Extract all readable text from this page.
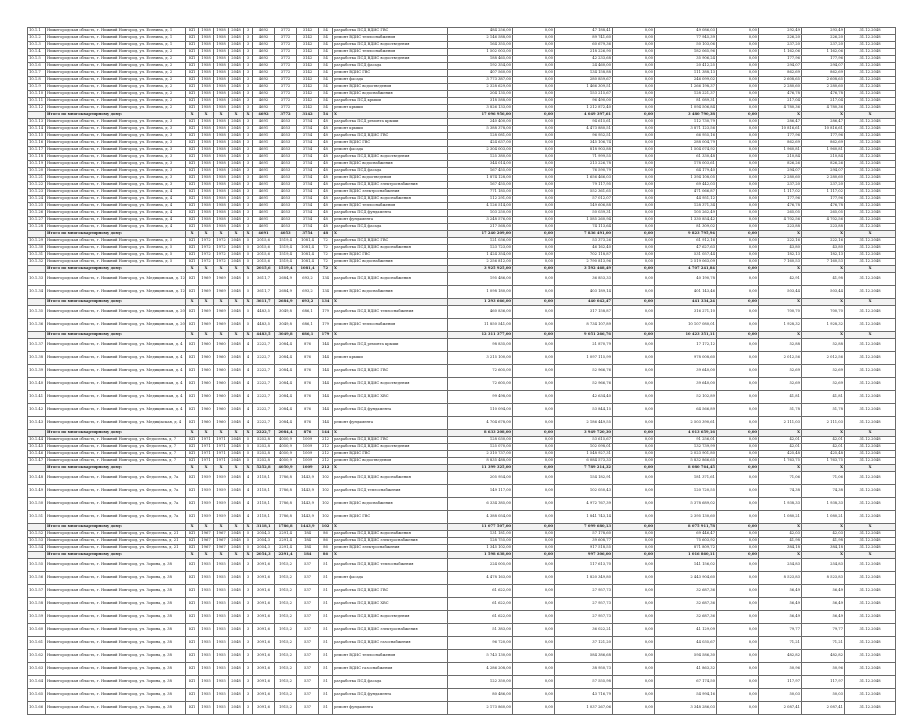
10.1.1	Нижегородская область, г. Нижний Новгород, ул. Есенина, д. 1	КП	1958	1958	2048	3	4692	3772	3142	54	разработка ПСД ВДИС ГВС	484 256,00	0,00	47 188,41	0,00	49 086,03	0,00	292,49	293,49	31.12.2048
10.1.2	Нижегородская область, г. Нижний Новгород, ул. Есенина, д. 1	КП	1958	1958	2048	3	4692	3772	3142	54	ремонт ВДИС теплоснабжения	2 146 588,00	0,00	89 741,60	0,00	77 945,39	0,00	226,20	226,20	31.12.2048
10.1.3	Нижегородская область, г. Нижний Новгород, ул. Есенина, д. 1	КП	1958	1958	2048	3	4692	3772	3142	54	разработка ПСД ВДИС водоотведения	164 355,00	0,00	60 679,36	0,00	50 103,06	0,00	237,20	237,20	31.12.2048
10.1.4	Нижегородская область, г. Нижний Новгород, ул. Есенина, д. 2	КП	1958	1958	2048	3	4692	3772	3142	54	ремонт ВДИС теплоснабжения	1 502 003,00	0,00	218 226,90	0,00	182 065,96	0,00	1 162,06	1 162,06	31.12.2048
10.1.5	Нижегородская область, г. Нижний Новгород, ул. Есенина, д. 2	КП	1958	1958	2048	3	4692	3772	3142	54	разработка ПСД ВДИС водоотведения	188 465,00	0,00	42 233,68	0,00	35 906,24	0,00	177,96	177,96	31.12.2048
10.1.6	Нижегородская область, г. Нижний Новгород, ул. Есенина, д. 2	КП	1958	1958	2048	3	4692	3772	3142	54	разработка ПСД фасада	192 354,00	0,00	24 460,00	0,00	20 412,25	0,00	294,07	294,07	31.12.2048
10.1.7	Нижегородская область, г. Нижний Новгород, ул. Есенина, д. 2	КП	1958	1958	2048	3	4692	3772	3142	54	ремонт ВДИС ГВС	407 560,00	0,00	134 158,88	0,00	111 388,13	0,00	862,69	862,69	31.12.2048
10.1.8	Нижегородская область, г. Нижний Новгород, ул. Есенина, д. 2	КП	1958	1958	2048	3	4692	3772	3142	54	ремонт фасада	3 773 387,00	0,00	280 859,67	0,00	246 099,02	0,00	2 608,65	2 608,65	31.12.2048
10.1.9	Нижегородская область, г. Нижний Новгород, ул. Есенина, д. 2	КП	1958	1958	2048	3	4692	3772	3142	54	ремонт ВДИС водоотведения	2 328 629,00	0,00	1 466 309,51	0,00	1 266 198,37	0,00	2 280,60	2 280,60	31.12.2048
10.1.10	Нижегородская область, г. Нижний Новгород, ул. Есенина, д. 2	КП	1958	1958	2048	3	4692	3772	3142	54	ремонт ВДИС водоснабжения	204 135,00	0,00	153 215,67	0,00	128 221,37	0,00	476,78	476,78	31.12.2048
10.1.11	Нижегородская область, г. Нижний Новгород, ул. Есенина, д. 2	КП	1958	1958	2048	3	4692	3772	3142	54	разработка ПСД крыши	318 588,00	0,00	96 490,00	0,00	81 089,31	0,00	217,04	217,04	31.12.2048
10.1.12	Нижегородская область, г. Нижний Новгород, ул. Есенина, д. 2	КП	1958	1958	2048	3	4692	3772	3142	54	ремонт крыши	3 826 133,00	0,00	1 212 872,40	0,00	1 094 506,84	0,00	4 780,36	4 780,36	31.12.2048
	Итого по многоквартирному дому:	Х	Х	Х	Х	Х	4692	3772	3142	54	Х	17 096 956,00	0,00	4 049 397,61	0,00	3 480 790,38	0,00	Х	Х	Х
10.1.13	Нижегородская область, г. Нижний Новгород, ул. Есенина, д. 3	КП	1958	1958	2048	3	4691	4053	3754	48	разработка ПСД ремонта крыши	240 400,00	0,00	94 615,61	0,00	112 730,79	0,00	286,47	286,47	31.12.2048
10.1.14	Нижегородская область, г. Нижний Новгород, ул. Есенина, д. 3	КП	1958	1958	2048	3	4691	4053	3754	48	ремонт крыши	5 388 378,00	0,00	4 473 880,51	0,00	3 871 123,56	0,00	10 816,61	10 816,61	31.12.2048
10.1.15	Нижегородская область, г. Нижний Новгород, ул. Есенина, д. 3	КП	1958	1958	2048	3	4691	4053	3754	48	разработка ПСД ВДИС ГВС	128 081,00	0,00	96 952,51	0,00	66 955,16	0,00	177,96	177,96	31.12.2048
10.1.16	Нижегородская область, г. Нижний Новгород, ул. Есенина, д. 3	КП	1958	1958	2048	3	4691	4053	3754	48	ремонт ВДИС ГВС	424 637,00	0,00	345 106,74	0,00	288 004,79	0,00	862,69	862,69	31.12.2048
10.1.17	Нижегородская область, г. Нижний Новгород, ул. Есенина, д. 3	КП	1958	1958	2048	3	4691	4053	3754	48	ремонт фасада	2 304 003,00	0,00	818 903,88	0,00	1 504 074,92	0,00	1 960,81	1 960,81	31.12.2048
10.1.18	Нижегородская область, г. Нижний Новгород, ул. Есенина, д. 3	КП	1958	1958	2048	3	4691	4053	3754	48	разработка ПСД ВДИС водоотведения	125 380,00	0,00	71 999,55	0,00	61 330,48	0,00	210,84	210,84	31.12.2048
10.1.19	Нижегородская область, г. Нижний Новгород, ул. Есенина, д. 3	КП	1958	1958	2048	3	4691	4053	3754	48	ремонт ВДИС водоснабжения	344 014,00	0,00	213 226,78	0,00	178 003,61	0,00	826,26	826,26	31.12.2048
10.1.20	Нижегородская область, г. Нижний Новгород, ул. Есенина, д. 3	КП	1958	1958	2048	3	4691	4053	3754	48	разработка ПСД фасада	167 455,00	0,00	76 590,79	0,00	64 179,40	0,00	294,07	294,07	31.12.2048
10.1.21	Нижегородская область, г. Нижний Новгород, ул. Есенина, д. 3	КП	1958	1958	2048	3	4691	4053	3754	48	ремонт ВДИС водоотведения	1 874 128,00	0,00	1 656 466,03	0,00	1 394 108,05	0,00	2 280,60	2 280,60	31.12.2048
10.1.22	Нижегородская область, г. Нижний Новгород, ул. Есенина, д. 3	КП	1958	1958	2048	3	4691	4053	3754	48	разработка ПСД ВДИС электроснабжения	167 455,00	0,00	79 117,95	0,00	69 442,03	0,00	237,20	237,20	31.12.2048
10.1.23	Нижегородская область, г. Нижний Новгород, ул. Есенина, д. 4	КП	1958	1958	2048	3	4691	4053	3754	48	ремонт ВДИС электроснабжения	771 185,00	0,00	552 361,65	0,00	471 066,87	0,00	1 117,02	1 117,02	31.12.2048
10.1.24	Нижегородская область, г. Нижний Новгород, ул. Есенина, д. 4	КП	1958	1958	2048	3	4691	4053	3754	48	разработка ПСД ВДИС водоснабжения	112 291,00	0,00	57 012,07	0,00	44 951,12	0,00	177,96	177,96	31.12.2048
10.1.25	Нижегородская область, г. Нижний Новгород, ул. Есенина, д. 4	КП	1958	1958	2048	3	4691	4053	3754	48	ремонт ВДИС теплоснабжения	4 126 514,00	0,00	149 606,88	0,00	128 371,34	0,00	476,78	476,78	31.12.2048
10.1.26	Нижегородская область, г. Нижний Новгород, ул. Есенина, д. 4	КП	1958	1958	2048	3	4691	4053	3754	48	разработка ПСД фундамента	103 250,00	0,00	50 039,31	0,00	105 262,49	0,00	265,05	265,05	31.12.2048
10.1.27	Нижегородская область, г. Нижний Новгород, ул. Есенина, д. 4	КП	1958	1958	2048	3	4691	4053	3754	48	ремонт фундамента	3 248 576,00	0,00	1 585 260,94	0,00	1 330 854,42	0,00	4 702,56	4 702,56	31.12.2048
10.1.28	Нижегородская область, г. Нижний Новгород, ул. Есенина, д. 4	КП	1958	1958	2048	3	4691	4053	3754	48	разработка ПСД фасада	217 568,00	0,00	74 113,64	0,00	81 309,02	0,00	223,88	223,88	31.12.2048
	Итого по многоквартирному дому:	Х	Х	Х	Х	Х	4691	4053	3754	48	Х	17 240 209,00	0,00	7 836 491,00	0,00	9 823 795,94	0,00	Х	Х	Х
10.1.29	Нижегородская область, г. Нижний Новгород, ул. Есенина, д. 5	КП	1972	1972	2048	5	2015,6	1519,4	1081,4	72	разработка ПСД ВДИС ГВС	121 036,00	0,00	53 373,26	0,00	61 912,16	0,00	222,16	222,16	31.12.2048
10.1.30	Нижегородская область, г. Нижний Новгород, ул. Есенина, д. 5	КП	1972	1972	2048	5	2015,6	1519,4	1081,4	72	разработка ПСД ВДИС водоснабжения	123 723,00	0,00	46 162,40	0,00	47 627,63	0,00	43,80	43,80	31.12.2048
10.1.31	Нижегородская область, г. Нижний Новгород, ул. Есенина, д. 5	КП	1972	1972	2048	5	2015,6	1519,4	1081,4	72	ремонт ВДИС ГВС	1 424 354,00	0,00	702 118,87	0,00	531 057,44	0,00	182,13	182,13	31.12.2048
10.1.32	Нижегородская область, г. Нижний Новгород, ул. Есенина, д. 5	КП	1972	1972	2048	5	2015,6	1519,4	1081,4	72	ремонт ВДИС водоснабжения	2 256 812,00	0,00	2 790 813,96	0,00	2 519 063,09	0,00	7 160,53	7 160,53	31.12.2048
	Итого по многоквартирному дому:	Х	Х	Х	Х	Х	2015,6	1519,4	1081,4	72	Х	3 925 925,00	0,00	3 592 468,49	0,00	4 707 241,84	0,00	Х	Х	Х
10.1.33	Нижегородская область, г. Нижний Новгород, ул. Медицинская, д. 12	КП	1969	1969	2048	5	3611,7	2684,9	693,2	134	разработка ПСД ВДИС водоснабжения	195 486,00	0,00	36 853,33	0,00	40 190,78	0,00	42,91	41,98	31.12.2048
10.1.34	Нижегородская область, г. Нижний Новгород, ул. Медицинская, д. 12	КП	1969	1969	2048	5	3611,7	2684,9	693,2	134	ремонт ВДИС водоснабжения	1 098 180,00	0,00	403 189,14	0,00	401 143,46	0,00	503,44	503,44	31.12.2048
	Итого по многоквартирному дому:	Х	Х	Х	Х	Х	3611,7	2684,9	693,2	134	Х	1 293 666,00	0,00	440 042,47	0,00	441 334,24	0,00	Х	Х	Х
10.1.35	Нижегородская область, г. Нижний Новгород, ул. Медицинская, д. 20	КП	1969	1969	2048	5	4483,5	3049,8	686,1	179	разработка ПСД ВДИС теплоснабжения	460 836,00	0,00	317 158,87	0,00	316 271,10	0,00	700,70	700,70	31.12.2048
10.1.36	Нижегородская область, г. Нижний Новгород, ул. Медицинская, д. 20	КП	1969	1969	2048	5	4483,5	3049,8	686,1	179	ремонт ВДИС теплоснабжения	11 850 541,00	0,00	8 734 107,89	0,00	10 107 080,01	0,00	1 928,32	1 928,32	31.12.2048
	Итого по многоквартирному дому:	Х	Х	Х	Х	Х	4483,5	3049,8	686,1	179	Х	12 311 377,00	0,00	9 051 266,76	0,00	10 423 351,11	0,00	Х	Х	Х
10.1.37	Нижегородская область, г. Нижний Новгород, ул. Медицинская, д. 4	КП	1960	1960	2048	4	2222,7	2084,4	876	144	разработка ПСД ремонта крыши	98 835,00	0,00	21 870,79	0,00	17 172,12	0,00	52,88	52,88	31.12.2048
10.1.38	Нижегородская область, г. Нижний Новгород, ул. Медицинская, д. 4	КП	1960	1960	2048	4	2222,7	2084,4	876	144	ремонт крыши	3 215 100,00	0,00	1 097 115,99	0,00	978 008,60	0,00	2 012,56	2 012,56	31.12.2048
10.1.39	Нижегородская область, г. Нижний Новгород, ул. Медицинская, д. 4	КП	1960	1960	2048	4	2222,7	2084,4	876	144	разработка ПСД ВДИС ГВС	72 605,00	0,00	52 966,76	0,00	39 640,00	0,00	52,69	52,69	31.12.2048
10.1.40	Нижегородская область, г. Нижний Новгород, ул. Медицинская, д. 4	КП	1960	1960	2048	4	2222,7	2084,4	876	144	разработка ПСД ВДИС водоотведения	72 605,00	0,00	52 966,76	0,00	39 640,00	0,00	52,69	52,69	31.12.2048
10.1.41	Нижегородская область, г. Нижний Новгород, ул. Медицинская, д. 4	КП	1960	1960	2048	4	2222,7	2084,4	876	144	разработка ПСД ВДИС ХВС	99 498,00	0,00	42 634,40	0,00	52 102,89	0,00	41,81	41,81	31.12.2048
10.1.42	Нижегородская область, г. Нижний Новгород, ул. Медицинская, д. 4	КП	1960	1960	2048	4	2222,7	2084,4	876	144	разработка ПСД фундамента	110 094,00	0,00	53 844,15	0,00	64 566,89	0,00	51,78	51,78	31.12.2048
10.1.43	Нижегородская область, г. Нижний Новгород, ул. Медицinская, д. 4	КП	1960	1960	2048	4	2222,7	2084,4	876	144	ремонт фундамента	4 704 678,00	0,00	2 186 449,55	0,00	2 503 390,61	0,00	2 111,03	2 111,03	31.12.2048
	Итого по многоквартирному дому:	Х	Х	Х	Х	Х	2222,7	2084,4	876	144	Х	8 633 208,00	0,00	3 949 720,30	0,00	4 013 659,16	0,00	Х	Х	Х
10.1.44	Нижегородская область, г. Нижний Новгород, ул. Федосеева, д. 7	КП	1971	1971	2048	5	5252,8	4050,9	1009	212	разработка ПСД ВДИС ГВС	128 030,00	0,00	53 615,67	0,00	91 256,01	0,00	42,01	42,01	31.12.2048
10.1.45	Нижегородская область, г. Нижний Новгород, ул. Федосеева, д. 7	КП	1971	1971	2048	5	5252,8	4050,9	1009	212	разработка ПСД ВДИС водоотведения	125 070,00	0,00	102 098,01	0,00	132 739,99	0,00	42,01	42,01	31.12.2048
10.1.46	Нижегородская область, г. Нижний Новгород, ул. Федосеева, д. 7	КП	1971	1971	2048	5	5252,8	4050,9	1009	212	ремонт ВДИС ГВС	2 310 737,00	0,00	1 548 927,31	0,00	2 023 901,80	0,00	425,48	425,48	31.12.2048
10.1.47	Нижегородская область, г. Нижний Новгород, ул. Федосеева, д. 7	КП	1971	1971	2048	5	5252,8	4050,9	1009	212	ремонт ВДИС водоотведения	8 835 488,00	0,00	6 084 573,33	0,00	5 832 866,65	0,00	1 763,75	1 763,75	31.12.2048
	Итого по многоквартирному дому:	Х	Х	Х	Х	Х	5252,8	4050,9	1009	212	Х	11 399 325,00	0,00	7 789 214,32	0,00	8 080 764,45	0,00	Х	Х	Х
10.1.48	Нижегородская область, г. Нижний Новгород, ул. Федосеева, д. 7а	КП	1959	1959	2048	4	3118,1	1786,8	1443,9	102	разработка ПСД ВДИС водоснабжения	205 954,00	0,00	154 182,91	0,00	181 371,61	0,00	71,06	71,06	31.12.2048
10.1.49	Нижегородская область, г. Нижний Новгород, ул. Федосеева, д. 7а	КП	1959	1959	2048	4	3118,1	1786,8	1443,9	102	разработка ПСД теплоснабжения	149 117,00	0,00	102 050,43	0,00	120 720,55	0,00	74,38	74,38	31.12.2048
10.1.50	Нижегородская область, г. Нижний Новгород, ул. Федосеева, д. 7а	КП	1959	1959	2048	4	3118,1	1786,8	1443,9	102	ремонт ВДИС водоснабжения	6 334 385,00	0,00	4 972 767,39	0,00	5 378 689,02	0,00	1 938,33	1 938,33	31.12.2048
10.1.51	Нижегородская область, г. Нижний Новгород, ул. Федосеева, д. 7а	КП	1959	1959	2048	4	3118,1	1786,8	1443,9	102	ремонт ВДИС ГВС	4 388 054,00	0,00	1 841 743,14	0,00	2 395 130,60	0,00	1 080,21	1 080,21	31.12.2048
	Итого по многоквартирному дому:	Х	Х	Х	Х	Х	3118,1	1786,8	1443,9	102	Х	11 077 507,00	0,00	7 099 680,13	0,00	8 075 911,78	0,00	Х	Х	Х
10.1.52	Нижегородская область, г. Нижний Новгород, ул. Федосеева, д. 21	КП	1967	1967	2048	5	2054,3	2291,4	184	86	разработка ПСД ВДИС водоснабжения	131 181,00	0,00	57 178,60	0,00	69 446,47	0,00	42,03	42,03	31.12.2048
10.1.53	Нижегородская область, г. Нижний Новгород, ул. Федосеева, д. 21	КП	1967	1967	2048	5	2054,3	2291,4	184	86	разработка ПСД ВДИС электроснабжения	128 755,00	0,00	39 608,77	0,00	75 603,92	0,00	41,98	41,98	31.12.2048
10.1.54	Нижегородская область, г. Нижний Новгород, ул. Федосеева, д. 21	КП	1967	1967	2048	5	2054,3	2291,4	184	86	ремонт ВДИС электроснабжения	1 345 102,00	0,00	917 518,55	0,00	871 809,72	0,00	384,18	384,18	31.12.2048
	Итого по многоквартирному дому:	Х	Х	Х	Х	Х	2054,3	2291,4	184	86	Х	1 598 638,00	0,00	997 306,00	0,00	1 016 860,11	0,00	Х	Х	Х
10.1.55	Нижегородская область, г. Нижний Новгород, ул. Зорина, д. 38	КП	1955	1955	2048	3	3091,6	1915,2	537	51	разработка ПСД ВДИС теплоснабжения	224 005,00	0,00	117 613,70	0,00	141 156,02	0,00	254,83	254,83	31.12.2048
10.1.56	Нижегородская область, г. Нижний Новгород, ул. Зорина, д. 38	КП	1955	1955	2048	3	3091,6	1915,2	537	51	ремонт фасада	4 478 163,00	0,00	1 820 349,80	0,00	2 443 904,60	0,00	8 523,83	8 523,83	31.12.2048
10.1.57	Нижегородская область, г. Нижний Новгород, ул. Зорина, д. 38	КП	1955	1955	2048	3	3091,6	1915,2	537	51	разработка ПСД ВДИС ГВС	61 622,00	0,00	27 957,73	0,00	32 687,36	0,00	56,49	56,49	31.12.2048
10.1.58	Нижегородская область, г. Нижний Новгород, ул. Зорина, д. 38	КП	1955	1955	2048	3	3091,6	1915,2	537	51	разработка ПСД ВДИС ХВС	61 622,00	0,00	27 957,73	0,00	32 687,36	0,00	56,49	56,49	31.12.2048
10.1.59	Нижегородская область, г. Нижний Новгород, ул. Зорина, д. 38	КП	1955	1955	2048	3	3091,6	1915,2	537	51	разработка ПСД ВДИС водоотведения	61 622,00	0,00	27 957,73	0,00	32 687,36	0,00	56,49	56,49	31.12.2048
10.1.60	Нижегородская область, г. Нижний Новгород, ул. Зорина, д. 38	КП	1955	1955	2048	3	3091,6	1915,2	537	51	разработка ПСД ВДИС электроснабжения	51 383,00	0,00	36 022,21	0,00	41 129,09	0,00	79,77	79,77	31.12.2048
10.1.61	Нижегородская область, г. Нижний Новгород, ул. Зорина, д. 38	КП	1955	1955	2048	3	3091,6	1915,2	537	51	разработка ПСД ВДИС газоснабжения	96 720,00	0,00	37 121,20	0,00	44 035,67	0,00	71,21	71,21	31.12.2048
10.1.62	Нижегородская область, г. Нижний Новгород, ул. Зорина, д. 38	КП	1955	1955	2048	3	3091,6	1915,2	537	51	ремонт ВДИС теплоснабжения	5 743 130,00	0,00	584 386,68	0,00	594 586,30	0,00	482,82	482,82	31.12.2048
10.1.63	Нижегородская область, г. Нижний Новгород, ул. Зорина, д. 38	КП	1955	1955	2048	3	3091,6	1915,2	537	51	ремонт ВДИС газоснабжения	4 286 208,00	0,00	38 950,73	0,00	41 863,32	0,00	50,96	50,96	31.12.2048
10.1.64	Нижегородская область, г. Нижний Новгород, ул. Зорина, д. 38	КП	1955	1955	2048	3	3091,6	1915,2	537	51	разработка ПСД фасада	122 350,00	0,00	57 555,98	0,00	67 174,50	0,00	117,97	117,97	31.12.2048
10.1.65	Нижегородская область, г. Нижний Новгород, ул. Зорина, д. 38	КП	1955	1955	2048	3	3091,6	1915,2	537	51	разработка ПСД фундамента	80 486,00	0,00	43 716,79	0,00	54 994,16	0,00	50,03	50,03	31.12.2048
10.1.66	Нижегородская область, г. Нижний Новгород, ул. Зорина, д. 38	КП	1955	1955	2048	3	3091,6	1915,2	537	51	ремонт фундамента	2 173 860,00	0,00	1 037 267,06	0,00	3 348 286,03	0,00	2 087,41	2 087,41	31.12.2048
